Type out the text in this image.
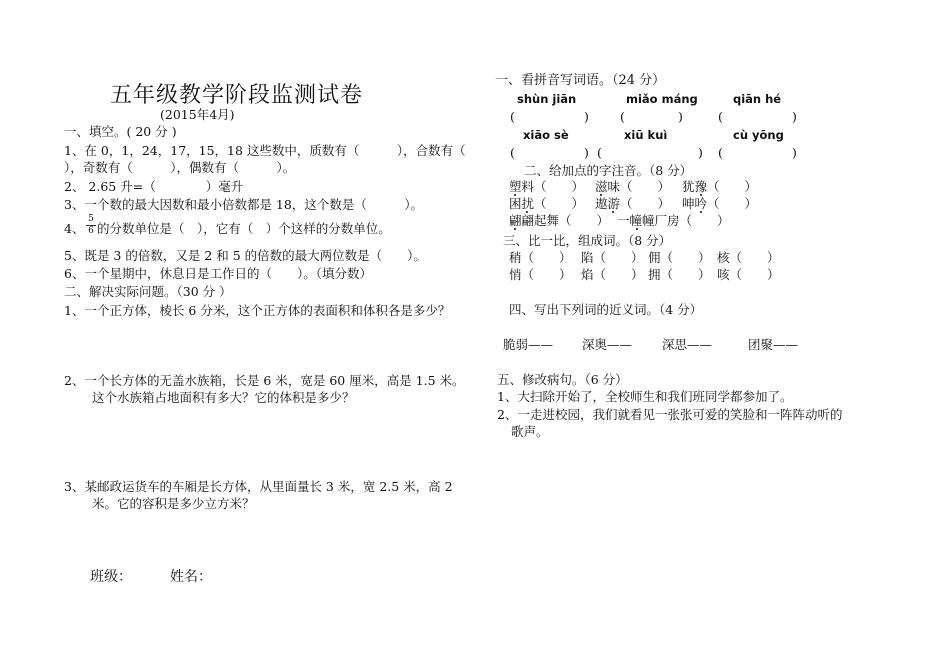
五年级教学阶段监测试卷
(2015年4月)
一、填空。( 20 分 )
1、在 0，1，24，17，15，18 这些数中，质数有（　　　），合数有（
），奇数有（　　　），偶数有（　　　）。
2、 2.65 升=（　　　　）毫升
3、一个数的最大因数和最小倍数都是 18，这个数是（　　　）。
4、 $\frac{5}{6}$ 的分数单位是（　），它有（　）个这样的分数单位。
5、既是 3 的倍数，又是 2 和 5 的倍数的最大两位数是（　　）。
6、一个星期中，休息日是工作日的（　　）。（填分数）
二、解决实际问题。（30 分 ）
1、一个正方体，棱长 6 分米，这个正方体的表面积和体积各是多少？
2、一个长方体的无盖水族箱，长是 6 米，宽是 60 厘米，高是 1.5 米。
这个水族箱占地面积有多大？它的体积是多少？
3、某邮政运货车的车厢是长方体，从里面量长 3 米，宽 2.5 米，高 2
米。它的容积是多少立方米？
班级：	姓名：
一、看拼音写词语。（24 分）
shùn jiān	miǎo máng	qiān hé
(	) (	)	(	)
xiāo sè	xiū kuì	cù yōng
(	) (	) (	)
二、给加点的字注音。（8 分）
塑料（　　） 滋味（　　） 犹豫（　　）
困扰（　　） 遨游（　　） 呻吟（　　）
翩翩起舞（　　） 一幢幢厂房（　　）
三、比一比，组成词。（8 分）
稍（　　） 陷（　　） 佣（　　） 核（　　）
悄（　　） 焰（　　） 拥（　　） 咳（　　）
四、写出下列词的近义词。（4 分）
脆弱—— 深奥—— 深思——	团聚——
五、修改病句。（6 分）
1、大扫除开始了，全校师生和我们班同学都参加了。
2、一走进校园，我们就看见一张张可爱的笑脸和一阵阵动听的
歌声。
